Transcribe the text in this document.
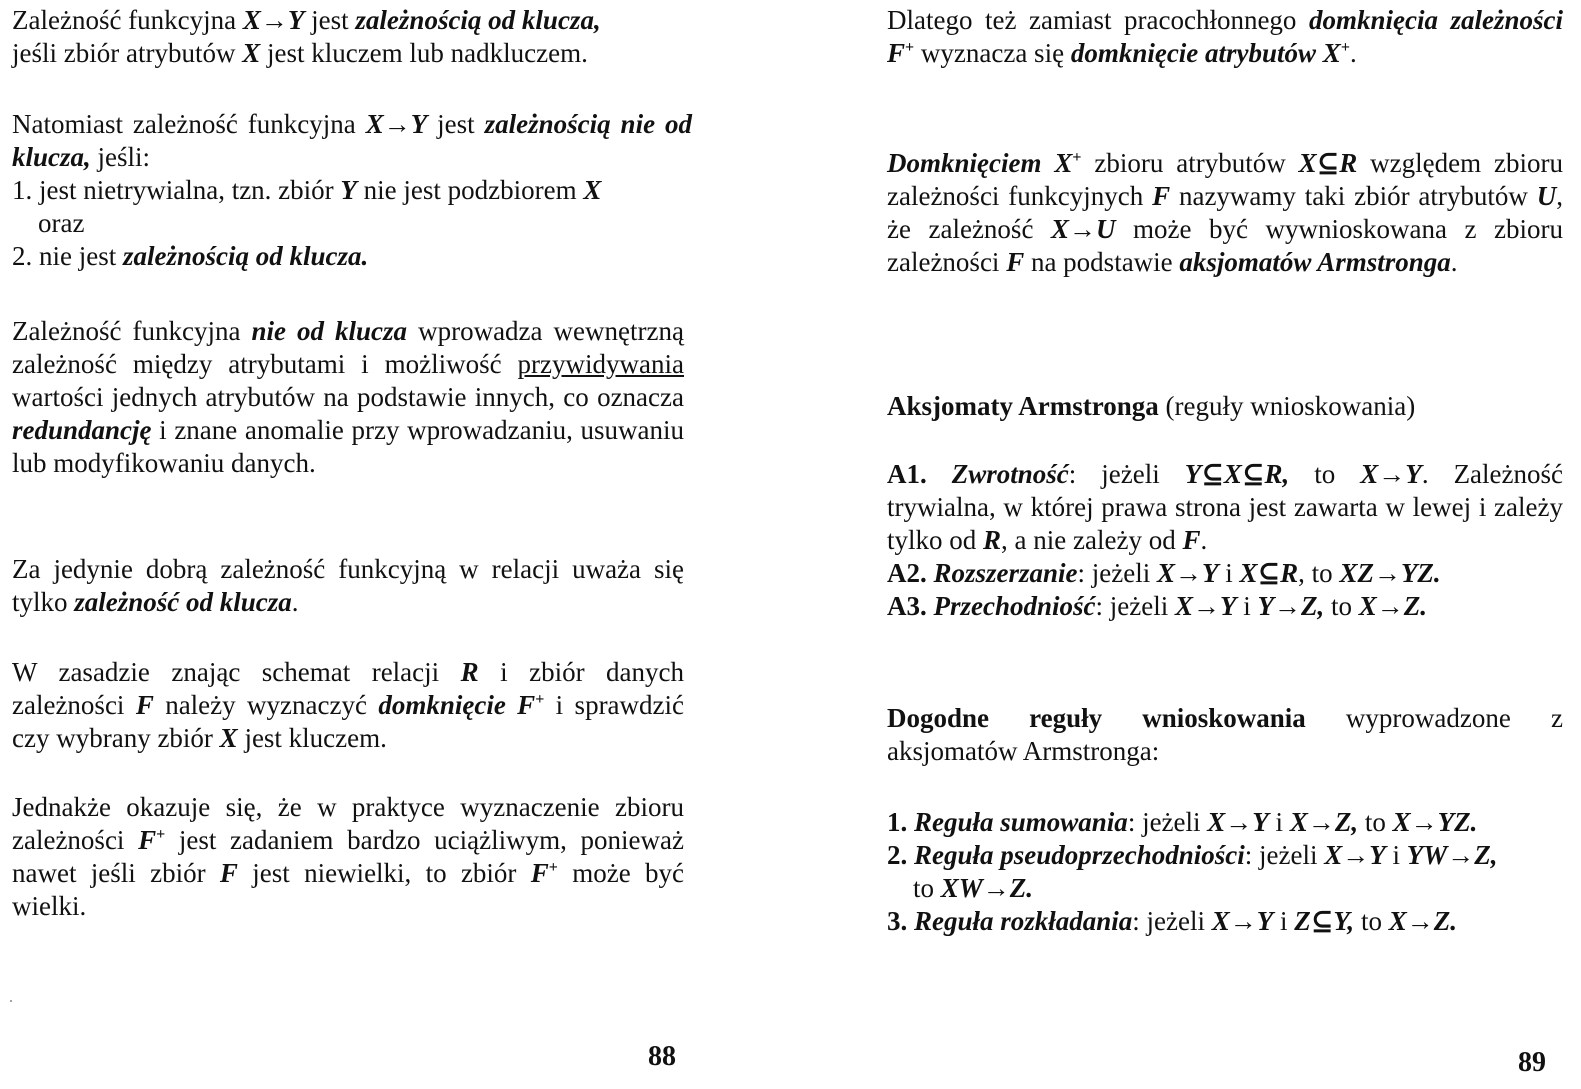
Zależność funkcyjna X→Y jest zależnością od klucza,
jeśli zbiór atrybutów X jest kluczem lub nadkluczem.

Natomiast zależność funkcyjna X→Y jest zależnością nie od klucza, jeśli:
1. jest nietrywialna, tzn. zbiór Y nie jest podzbiorem X
oraz
2. nie jest zależnością od klucza.

Zależność funkcyjna nie od klucza wprowadza wewnętrzną zależność między atrybutami i możliwość przywidywania wartości jednych atrybutów na podstawie innych, co oznacza redundancję i znane anomalie przy wprowadzaniu, usuwaniu lub modyfikowaniu danych.

Za jedynie dobrą zależność funkcyjną w relacji uważa się tylko zależność od klucza.

W zasadzie znając schemat relacji R i zbiór danych zależności F należy wyznaczyć domknięcie F+ i sprawdzić czy wybrany zbiór X jest kluczem.

Jednakże okazuje się, że w praktyce wyznaczenie zbioru zależności F+ jest zadaniem bardzo uciążliwym, ponieważ nawet jeśli zbiór F jest niewielki, to zbiór F+ może być wielki.

88

Dlatego też zamiast pracochłonnego domknięcia zależności F+ wyznacza się domknięcie atrybutów X+.

Domknięciem X+ zbioru atrybutów X⊆R względem zbioru zależności funkcyjnych F nazywamy taki zbiór atrybutów U, że zależność X→U może być wywnioskowana z zbioru zależności F na podstawie aksjomatów Armstronga.

Aksjomaty Armstronga (reguły wnioskowania)

A1. Zwrotność: jeżeli Y⊆X⊆R, to X→Y. Zależność trywialna, w której prawa strona jest zawarta w lewej i zależy tylko od R, a nie zależy od F.
A2. Rozszerzanie: jeżeli X→Y i X⊆R, to XZ→YZ.
A3. Przechodniość: jeżeli X→Y i Y→Z, to X→Z.

Dogodne reguły wnioskowania wyprowadzone z aksjomatów Armstronga:

1. Reguła sumowania: jeżeli X→Y i X→Z, to X→YZ.
2. Reguła pseudoprzechodniości: jeżeli X→Y i YW→Z,
to XW→Z.
3. Reguła rozkładania: jeżeli X→Y i Z⊆Y, to X→Z.
89
